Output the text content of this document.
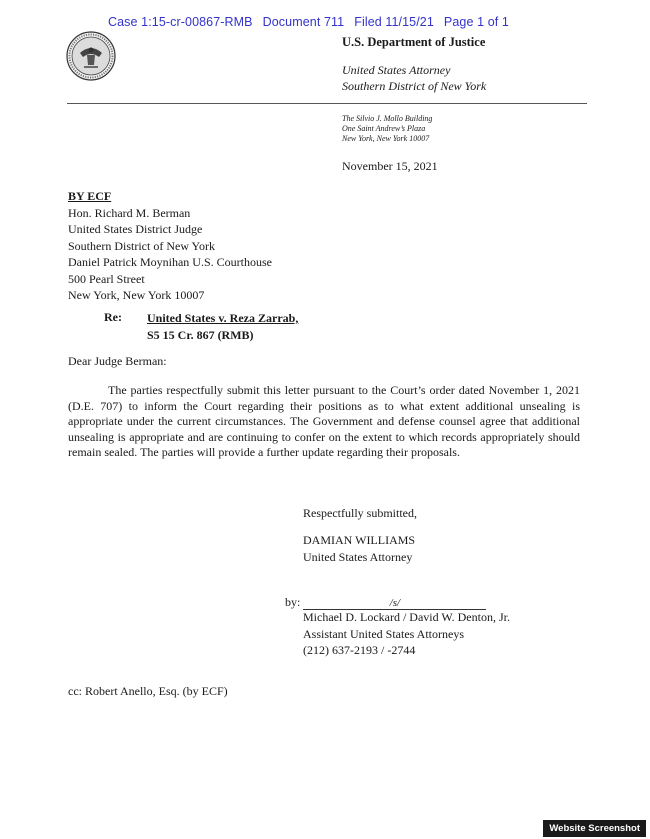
Case 1:15-cr-00867-RMB Document 711 Filed 11/15/21 Page 1 of 1
U.S. Department of Justice
United States Attorney
Southern District of New York
The Silvio J. Mollo Building
One Saint Andrew’s Plaza
New York, New York 10007
November 15, 2021
BY ECF
Hon. Richard M. Berman
United States District Judge
Southern District of New York
Daniel Patrick Moynihan U.S. Courthouse
500 Pearl Street
New York, New York 10007
Re: United States v. Reza Zarrab,
S5 15 Cr. 867 (RMB)
Dear Judge Berman:
The parties respectfully submit this letter pursuant to the Court’s order dated November 1, 2021 (D.E. 707) to inform the Court regarding their positions as to what extent additional unsealing is appropriate under the current circumstances. The Government and defense counsel agree that additional unsealing is appropriate and are continuing to confer on the extent to which records appropriately should remain sealed. The parties will provide a further update regarding their proposals.
Respectfully submitted,
DAMIAN WILLIAMS
United States Attorney
by:	/s/
Michael D. Lockard / David W. Denton, Jr.
Assistant United States Attorneys
(212) 637-2193 / -2744
cc: Robert Anello, Esq. (by ECF)
Website Screenshot
